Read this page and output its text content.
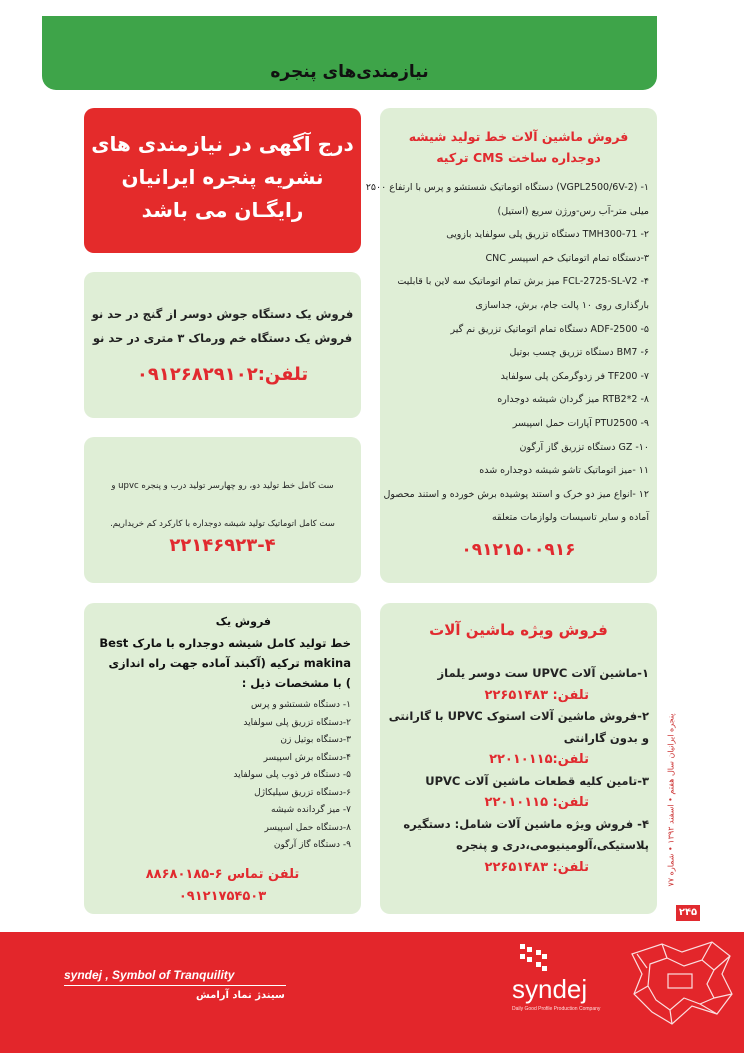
نیازمندی‌های پنجره
درج آگهی در نیازمندی های
نشریه پنجره ایرانیان
رایگـان می باشد
فروش یک دستگاه جوش دوسر از گنج در حد نو
فروش یک دستگاه خم ورماک ۳ متری در حد نو
تلفن:۰۹۱۲۶۸۲۹۱۰۲
ست کامل خط تولید دو، رو چهارسر تولید درب و پنجره upvc و
ست کامل اتوماتیک تولید شیشه دوجداره با کارکرد کم خریداریم.
۲۲۱۴۶۹۲۳-۴
فروش ماشین آلات خط تولید شیشه
دوجداره ساخت CMS ترکیه
۱- (VGPL2500/6V-2) دستگاه اتوماتیک شستشو و پرس با ارتفاع ۲۵۰۰
میلی متر-آب رس-ورژن سریع (استیل)
۲- TMH300-71 دستگاه تزریق پلی سولفاید بازویی
۳-دستگاه تمام اتوماتیک خم اسپیسر CNC
۴- FCL-2725-SL-V2 میز برش تمام اتوماتیک سه لاین با قابلیت
بارگذاری روی ۱۰ پالت جام، برش، جداسازی
۵- ADF-2500 دستگاه تمام اتوماتیک تزریق نم گیر
۶- BM7 دستگاه تزریق چسب بوتیل
۷- TF200 فر زدوگرمکن پلی سولفاید
۸- 2*RTB2 میز گردان شیشه دوجداره
۹- PTU2500 آپارات حمل اسپیسر
۱۰- GZ دستگاه تزریق گاز آرگون
۱۱ -میز اتوماتیک تاشو شیشه دوجداره شده
۱۲ -انواع میز دو خرک و استند پوشیده برش خورده و استند محصول
آماده و سایر تاسیسات ولوازمات متعلقه
۰۹۱۲۱۵۰۰۹۱۶
فروش ویژه ماشین آلات
۱-ماشین آلات UPVC ست دوسر یلماز
تلفن: ۲۲۶۵۱۴۸۳
۲-فروش ماشین آلات استوک UPVC با گارانتی
و بدون گارانتی
تلفن:۲۲۰۱۰۱۱۵
۳-تامین کلیه قطعات ماشین آلات UPVC
تلفن: ۲۲۰۱۰۱۱۵
۴- فروش ویژه ماشین آلات شامل: دستگیره
پلاستیکی،آلومینیومی،دری و پنجره
تلفن: ۲۲۶۵۱۴۸۳
فروش یک
خط تولید کامل شیشه دوجداره با مارک Best
makina ترکیه (آکبند آماده جهت راه اندازی
) با مشخصات ذیل :
۱- دستگاه شستشو و پرس
۲-دستگاه تزریق پلی سولفاید
۳-دستگاه بوتیل زن
۴-دستگاه برش اسپیسر
۵- دستگاه فر ذوب پلی سولفاید
۶-دستگاه تزریق سیلیکاژل
۷- میز گردانده شیشه
۸-دستگاه حمل اسپیسر
۹- دستگاه گاز آرگون
تلفن تماس ۶-۸۸۶۸۰۱۸۵
۰۹۱۲۱۷۵۴۵۰۳
پنجره ایرانیان سال هفتم • اسفند ۱۳۹۲ • شماره ۷۷
۲۴۵
syndej
Daily Good Profile Production Company
syndej , Symbol of Tranquility
سیندژ نماد آرامش
